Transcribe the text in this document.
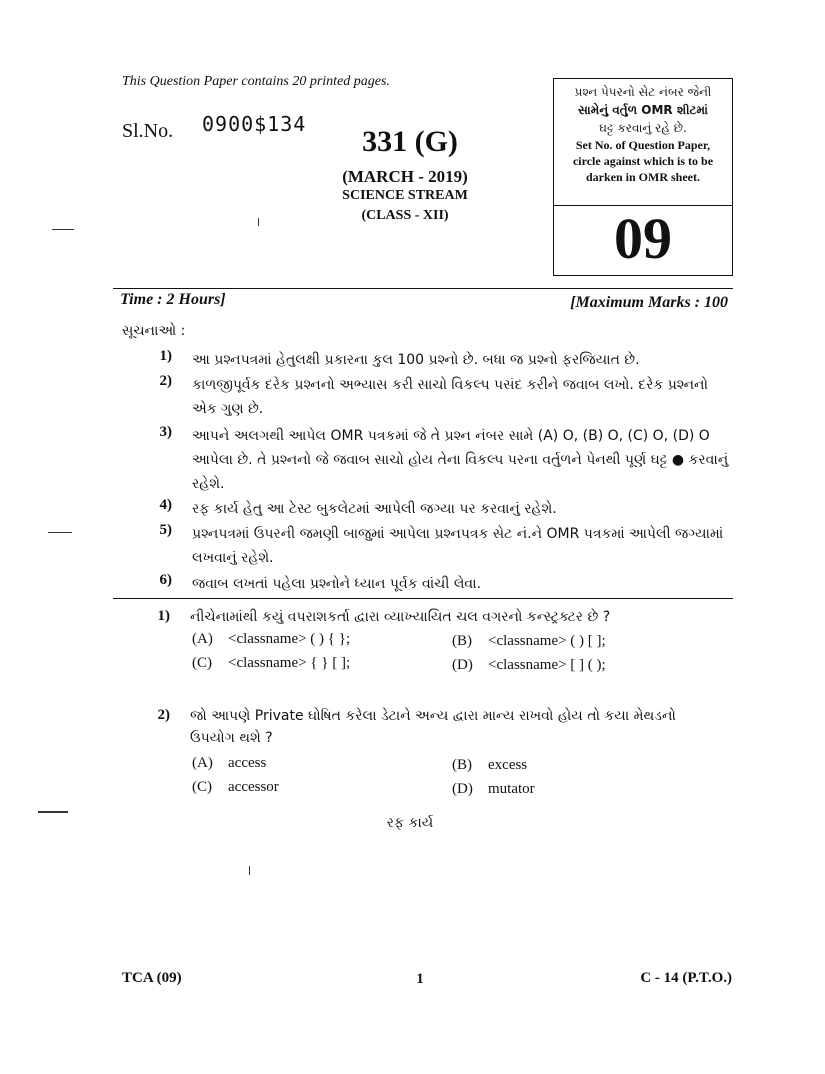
This Question Paper contains 20 printed pages.
Sl.No. 0900$134
331 (G)
(MARCH - 2019)
SCIENCE STREAM
(CLASS - XII)
પ્રશ્ન પેપરનો સેટ નંબર જેની
સામેનું વર્તુળ OMR શીટમાં
ઘટ્ટ કરવાનું રહે છે.
Set No. of Question Paper,
circle against which is to be
darken in OMR sheet.
09
Time : 2 Hours]	[Maximum Marks : 100
સૂચનાઓ :
1) આ પ્રશ્નપત્રમાં હેતુલક્ષી પ્રકારના કુલ 100 પ્રશ્નો છે. બધા જ પ્રશ્નો ફરજિયાત છે.
2) કાળજીપૂર્વક દરેક પ્રશ્નનો અભ્યાસ કરી સાચો વિકલ્પ પસંદ કરીને જવાબ લખો. દરેક પ્રશ્નનો એક ગુણ છે.
3) આપને અલગથી આપેલ OMR પત્રકમાં જે તે પ્રશ્ન નંબર સામે (A) O, (B) O, (C) O, (D) O આપેલા છે. તે પ્રશ્નનો જે જવાબ સાચો હોય તેના વિકલ્પ પરના વર્તુળને પેનથી પૂર્ણ ઘટ્ટ ● કરવાનું રહેશે.
4) રફ કાર્ય હેતુ આ ટેસ્ટ બુકલેટમાં આપેલી જગ્યા પર કરવાનું રહેશે.
5) પ્રશ્નપત્રમાં ઉપરની જમણી બાજુમાં આપેલા પ્રશ્નપત્રક સેટ નં.ને OMR પત્રકમાં આપેલી જગ્યામાં લખવાનું રહેશે.
6) જવાબ લખતાં પહેલા પ્રશ્નોને ધ્યાન પૂર્વક વાંચી લેવા.
1) નીચેનામાંથી કયું વપરાશકર્તા દ્વારા વ્યાખ્યાયિત ચલ વગરનો કન્સ્ટ્રક્ટર છે ?
(A) <classname> ( ) { };	(B) <classname> ( ) [ ];
(C) <classname> { } [ ];	(D) <classname> [ ] ( );
2) જો આપણે Private ઘોષિત કરેલા ડેટાને અન્ય દ્વારા માન્ય રાખવો હોય તો કયા મેથડનો ઉપયોગ થશે ?
(A) access	(B) excess
(C) accessor	(D) mutator
રફ કાર્ય
TCA (09)	1	C - 14 (P.T.O.)
